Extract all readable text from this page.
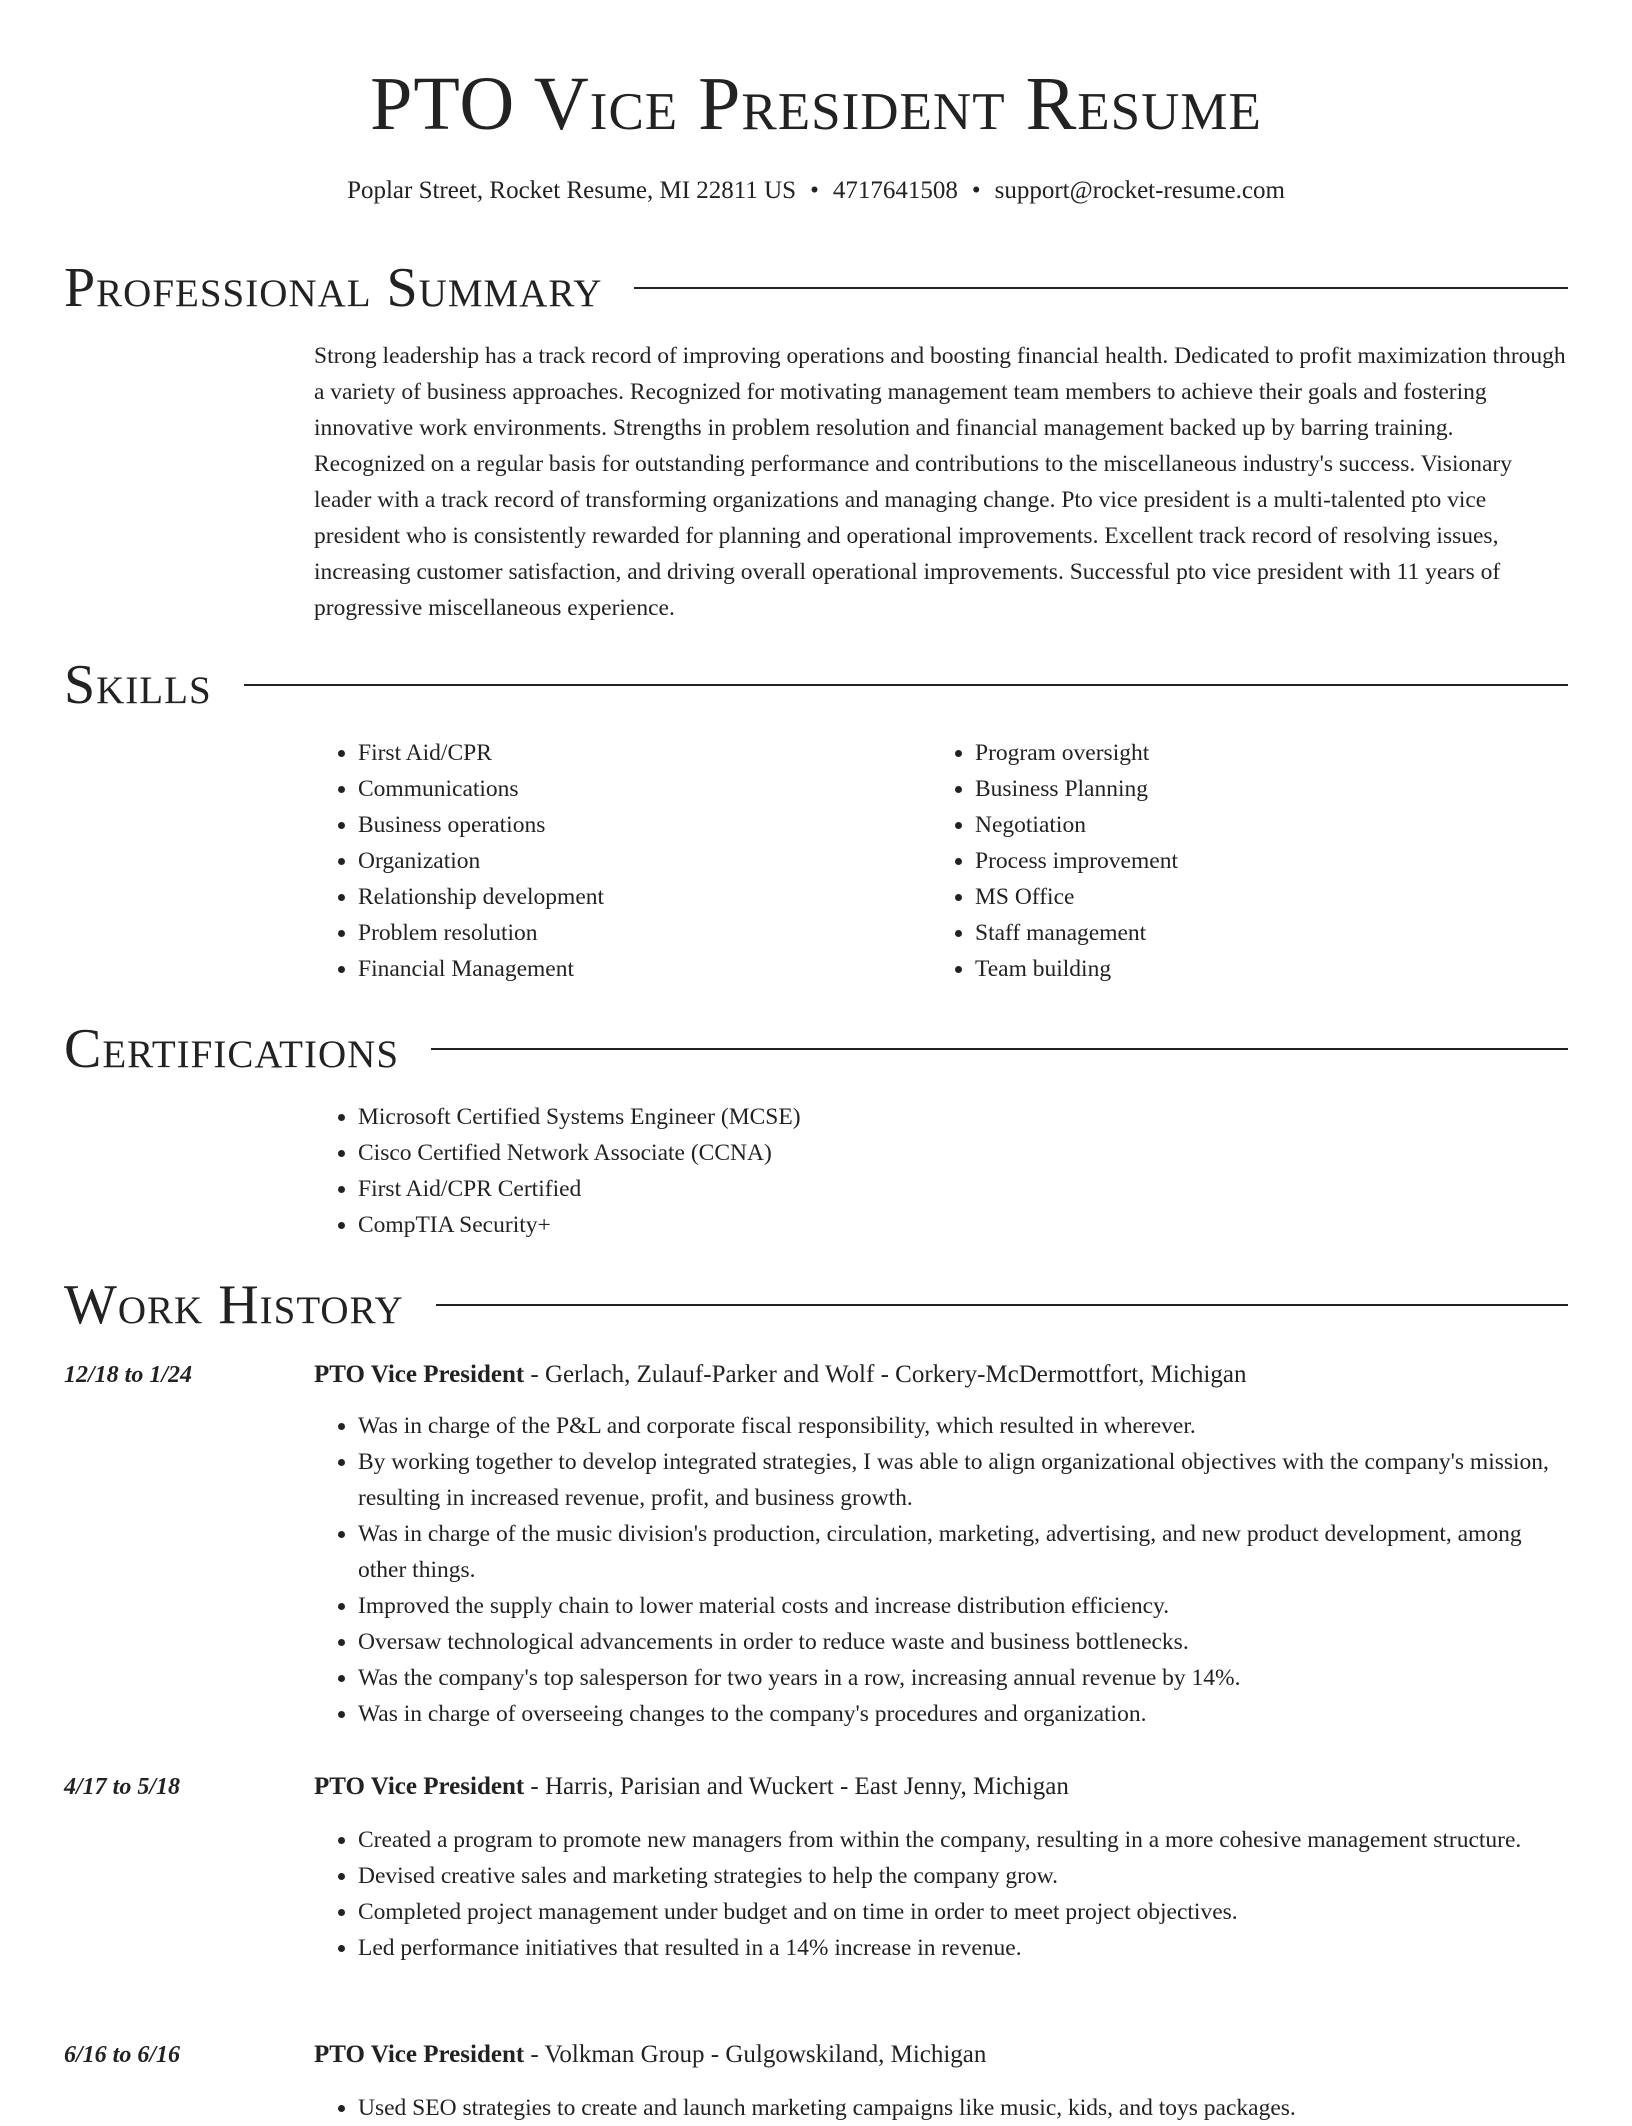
PTO Vice President Resume
Poplar Street, Rocket Resume, MI 22811 US • 4717641508 • support@rocket-resume.com
Professional Summary

Strong leadership has a track record of improving operations and boosting financial health. Dedicated to profit maximization through a variety of business approaches. Recognized for motivating management team members to achieve their goals and fostering innovative work environments. Strengths in problem resolution and financial management backed up by barring training. Recognized on a regular basis for outstanding performance and contributions to the miscellaneous industry's success. Visionary leader with a track record of transforming organizations and managing change. Pto vice president is a multi-talented pto vice president who is consistently rewarded for planning and operational improvements. Excellent track record of resolving issues, increasing customer satisfaction, and driving overall operational improvements. Successful pto vice president with 11 years of progressive miscellaneous experience.

Skills
• First Aid/CPR
• Communications
• Business operations
• Organization
• Relationship development
• Problem resolution
• Financial Management
• Program oversight
• Business Planning
• Negotiation
• Process improvement
• MS Office
• Staff management
• Team building
Certifications
• Microsoft Certified Systems Engineer (MCSE)
• Cisco Certified Network Associate (CCNA)
• First Aid/CPR Certified
• CompTIA Security+
Work History
12/18 to 1/24	PTO Vice President - Gerlach, Zulauf-Parker and Wolf - Corkery-McDermottfort, Michigan
• Was in charge of the P&L and corporate fiscal responsibility, which resulted in wherever.
• By working together to develop integrated strategies, I was able to align organizational objectives with the company's mission, resulting in increased revenue, profit, and business growth.
• Was in charge of the music division's production, circulation, marketing, advertising, and new product development, among other things.
• Improved the supply chain to lower material costs and increase distribution efficiency.
• Oversaw technological advancements in order to reduce waste and business bottlenecks.
• Was the company's top salesperson for two years in a row, increasing annual revenue by 14%.
• Was in charge of overseeing changes to the company's procedures and organization.
4/17 to 5/18	PTO Vice President - Harris, Parisian and Wuckert - East Jenny, Michigan
• Created a program to promote new managers from within the company, resulting in a more cohesive management structure.
• Devised creative sales and marketing strategies to help the company grow.
• Completed project management under budget and on time in order to meet project objectives.
• Led performance initiatives that resulted in a 14% increase in revenue.
6/16 to 6/16	PTO Vice President - Volkman Group - Gulgowskiland, Michigan
• Used SEO strategies to create and launch marketing campaigns like music, kids, and toys packages.
